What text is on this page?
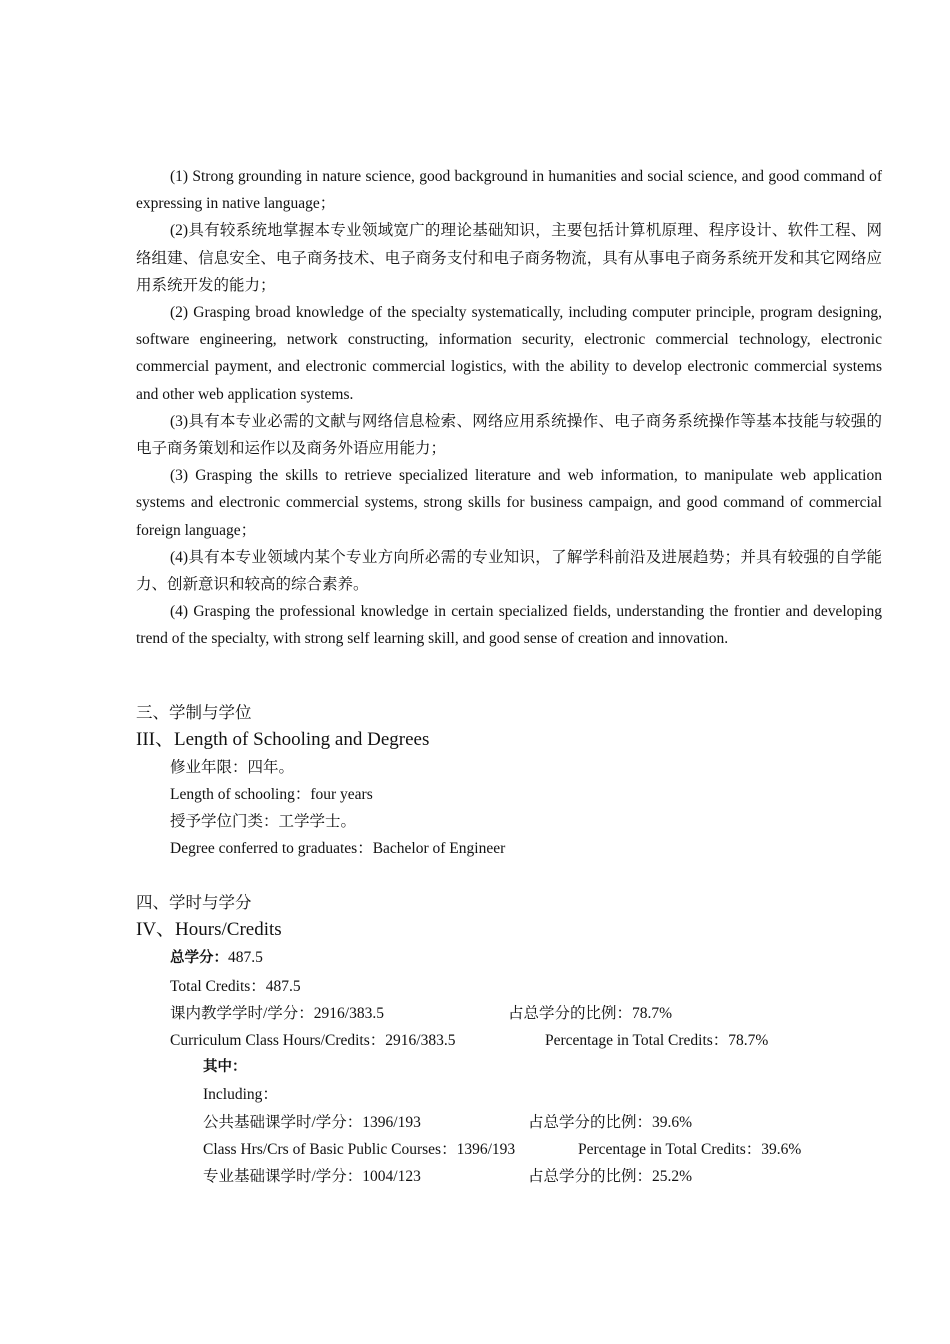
(1) Strong grounding in nature science, good background in humanities and social science, and good command of expressing in native language；

(2)具有较系统地掌握本专业领域宽广的理论基础知识，主要包括计算机原理、程序设计、软件工程、网络组建、信息安全、电子商务技术、电子商务支付和电子商务物流，具有从事电子商务系统开发和其它网络应用系统开发的能力；

(2) Grasping broad knowledge of the specialty systematically, including computer principle, program designing, software engineering, network constructing, information security, electronic commercial technology, electronic commercial payment, and electronic commercial logistics, with the ability to develop electronic commercial systems and other web application systems.

(3)具有本专业必需的文献与网络信息检索、网络应用系统操作、电子商务系统操作等基本技能与较强的电子商务策划和运作以及商务外语应用能力；

(3) Grasping the skills to retrieve specialized literature and web information, to manipulate web application systems and electronic commercial systems, strong skills for business campaign, and good command of commercial foreign language；

(4)具有本专业领域内某个专业方向所必需的专业知识，了解学科前沿及进展趋势；并具有较强的自学能力、创新意识和较高的综合素养。

(4) Grasping the professional knowledge in certain specialized fields, understanding the frontier and developing trend of the specialty, with strong self learning skill, and good sense of creation and innovation.

三、学制与学位

III、Length of Schooling and Degrees

修业年限：四年。

Length of schooling：four years

授予学位门类：工学学士。

Degree conferred to graduates：Bachelor of Engineer

四、学时与学分

IV、Hours/Credits

总学分：487.5

Total Credits：487.5

课内教学学时/学分：2916/383.5	占总学分的比例：78.7%

Curriculum Class Hours/Credits：2916/383.5	Percentage in Total Credits：78.7%

其中：

Including：

公共基础课学时/学分：1396/193	占总学分的比例：39.6%

Class Hrs/Crs of Basic Public Courses：1396/193	Percentage in Total Credits：39.6%

专业基础课学时/学分：1004/123	占总学分的比例：25.2%
